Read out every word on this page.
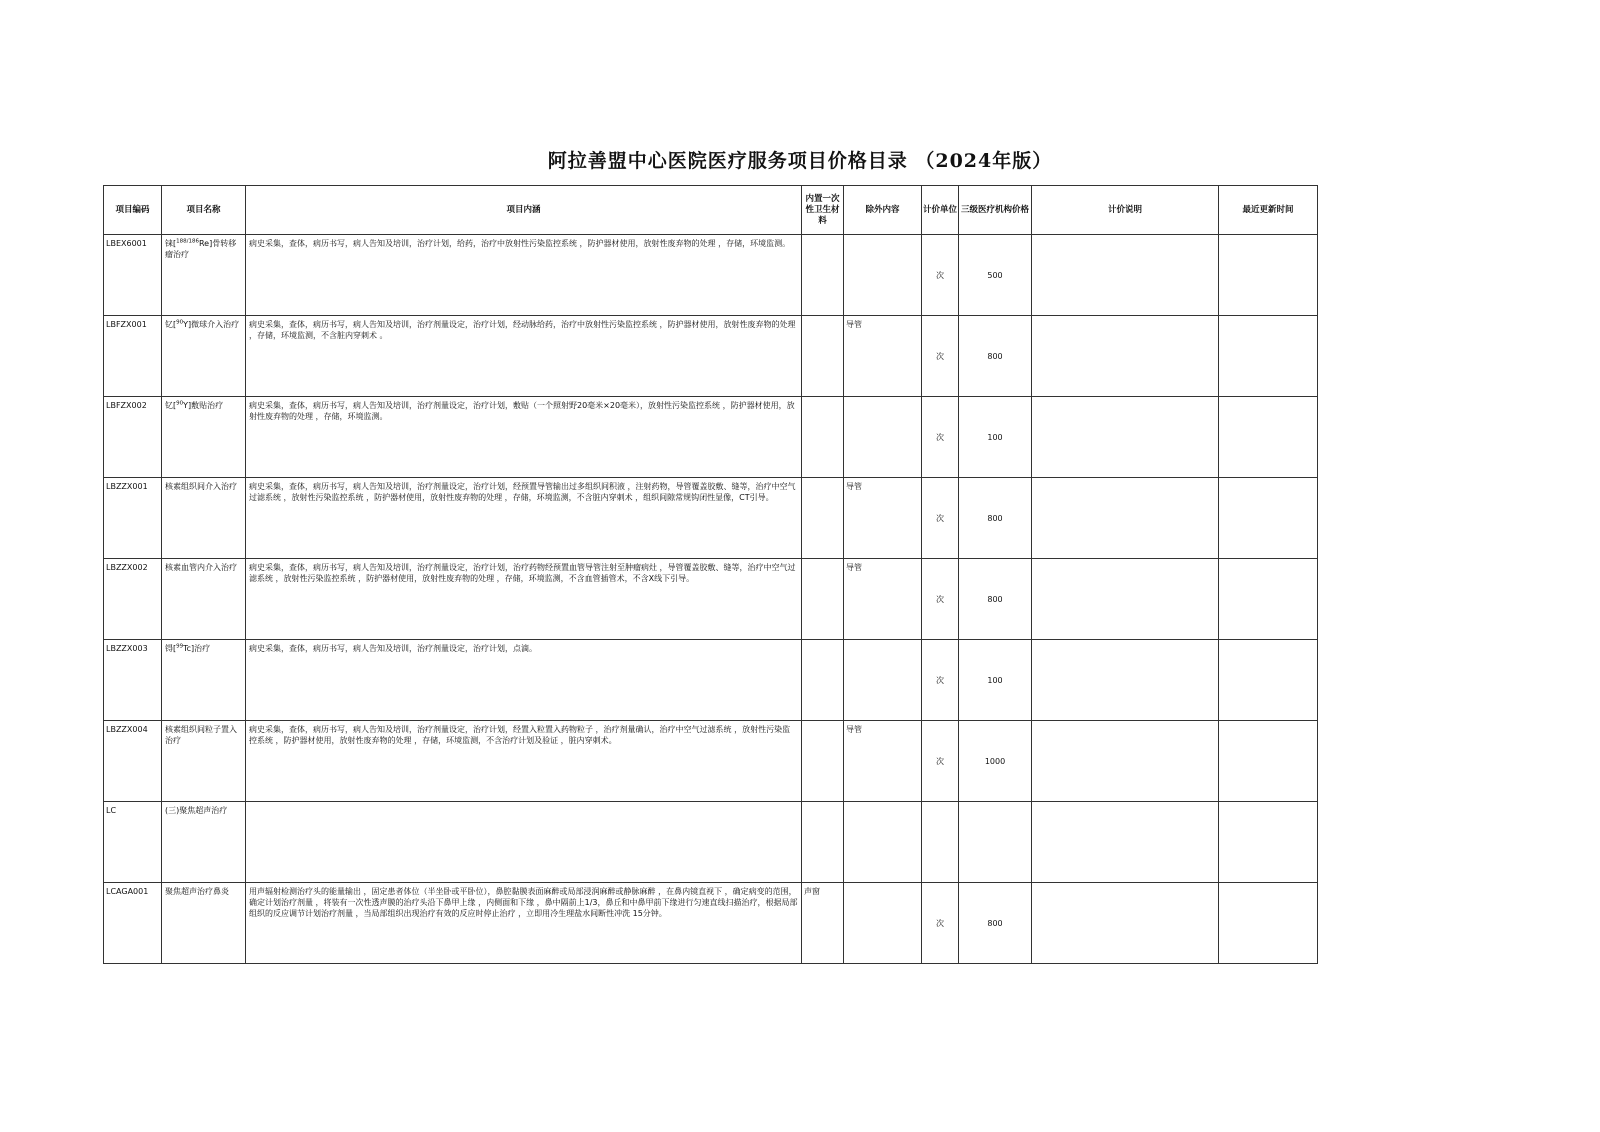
阿拉善盟中心医院医疗服务项目价格目录 （2024年版）
项目编码	项目名称	项目内涵	内置一次性卫生材料	除外内容	计价单位	三级医疗机构价格	计价说明	最近更新时间
LBEX6001	铼[$^{188/186}$Re]骨转移瘤治疗	病史采集，查体，病历书写，病人告知及培训，治疗计划，给药，治疗中放射性污染监控系统 ，防护器材使用，放射性废弃物的处理 ，存储，环境监测。			次	500		

LBFZX001	钇[$^{90}$Y]微球介入治疗	病史采集，查体，病历书写，病人告知及培训，治疗剂量设定，治疗计划，经动脉给药，治疗中放射性污染监控系统 ，防护器材使用，放射性废弃物的处理 ，存储，环境监测，不含脏内穿刺术 。		导管	次	800		

LBFZX002	钇[$^{90}$Y]敷贴治疗	病史采集，查体，病历书写，病人告知及培训，治疗剂量设定，治疗计划，敷贴（一个照射野20毫米×20毫米），放射性污染监控系统 ，防护器材使用，放射性废弃物的处理 ，存储，环境监测。			次	100		

LBZZX001	核素组织间介入治疗	病史采集，查体，病历书写，病人告知及培训，治疗剂量设定，治疗计划，经预置导管输出过多组织间积液 ，注射药物，导管覆盖胶敷、缝等，治疗中空气过滤系统 ，放射性污染监控系统 ，防护器材使用，放射性废弃物的处理 ，存储，环境监测，不含脏内穿刺术 ，组织间隙常规钩闭性显像，CT引导。		导管	次	800		

LBZZX002	核素血管内介入治疗	病史采集，查体，病历书写，病人告知及培训，治疗剂量设定，治疗计划，治疗药物经预置血管导管注射至肿瘤病灶 ，导管覆盖胶敷、缝等，治疗中空气过滤系统 ，放射性污染监控系统 ，防护器材使用，放射性废弃物的处理 ，存储，环境监测，不含血管插管术，不含X线下引导。		导管	次	800		

LBZZX003	锝[$^{99}$Tc]治疗	病史采集，查体，病历书写，病人告知及培训，治疗剂量设定，治疗计划，点滴。			次	100		

LBZZX004	核素组织间粒子置入治疗	病史采集，查体，病历书写，病人告知及培训，治疗剂量设定，治疗计划，经置入粒置入药物粒子 ，治疗剂量确认，治疗中空气过滤系统 ，放射性污染监控系统 ，防护器材使用，放射性废弃物的处理 ，存储，环境监测，不含治疗计划及验证 ，脏内穿刺术。		导管	次	1000		

LC	(三)聚焦超声治疗				

LCAGA001	聚焦超声治疗鼻炎	用声辐射检测治疗头的能量输出 ，固定患者体位（半坐卧或平卧位），鼻腔黏膜表面麻醉或局部浸润麻醉或静脉麻醉 ，在鼻内镜直视下 ，确定病变的范围，确定计划治疗剂量 ，将装有一次性透声膜的治疗头沿下鼻甲上缘 ，内侧面和下缘 ，鼻中隔前上1/3，鼻丘和中鼻甲前下缘进行匀速直线扫描治疗，根据局部组织的反应调节计划治疗剂量 ，当局部组织出现治疗有效的反应时停止治疗 ，立即用冷生理盐水间断性冲洗 15分钟。	声窗		次	800		
